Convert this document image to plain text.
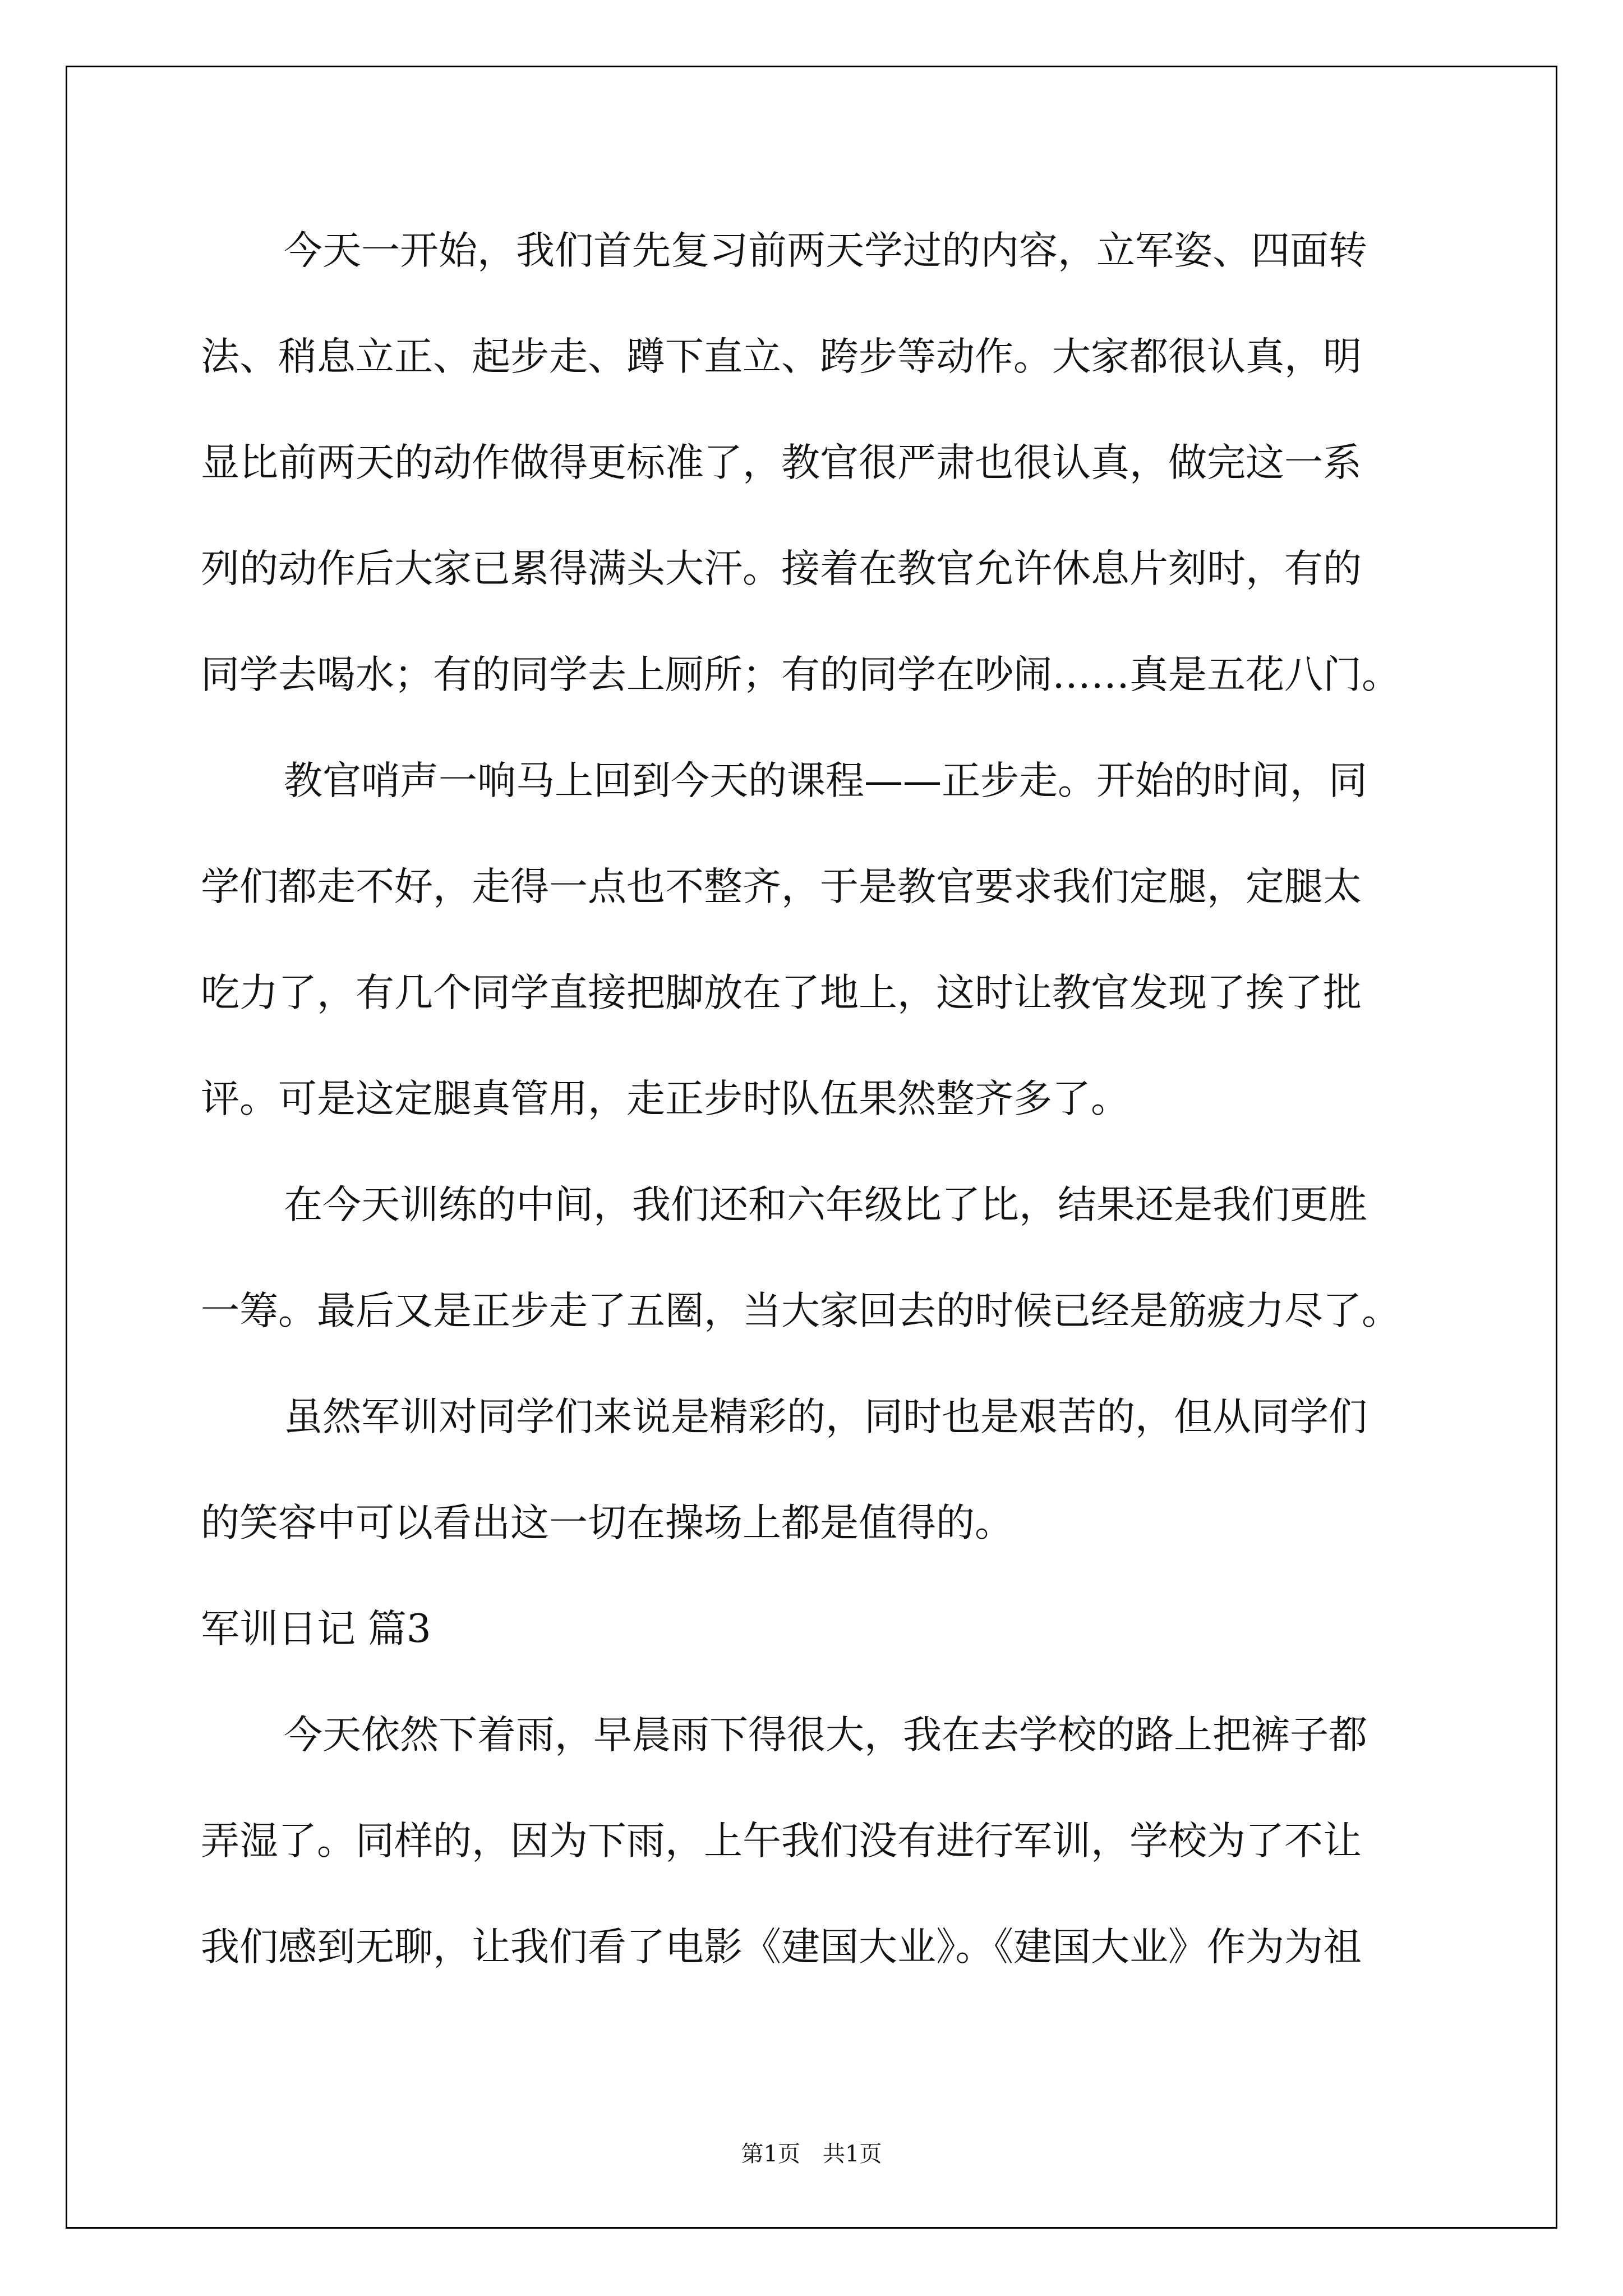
今天一开始，我们首先复习前两天学过的内容，立军姿、四面转
法、稍息立正、起步走、蹲下直立、跨步等动作。大家都很认真，明
显比前两天的动作做得更标准了，教官很严肃也很认真，做完这一系
列的动作后大家已累得满头大汗。接着在教官允许休息片刻时，有的
同学去喝水；有的同学去上厕所；有的同学在吵闹……真是五花八门。
教官哨声一响马上回到今天的课程——正步走。开始的时间，同
学们都走不好，走得一点也不整齐，于是教官要求我们定腿，定腿太
吃力了，有几个同学直接把脚放在了地上，这时让教官发现了挨了批
评。可是这定腿真管用，走正步时队伍果然整齐多了。
在今天训练的中间，我们还和六年级比了比，结果还是我们更胜
一筹。最后又是正步走了五圈，当大家回去的时候已经是筋疲力尽了。
虽然军训对同学们来说是精彩的，同时也是艰苦的，但从同学们
的笑容中可以看出这一切在操场上都是值得的。
军训日记 篇3
今天依然下着雨，早晨雨下得很大，我在去学校的路上把裤子都
弄湿了。同样的，因为下雨，上午我们没有进行军训，学校为了不让
我们感到无聊，让我们看了电影《建国大业》。《建国大业》作为为祖
第1页　共1页
